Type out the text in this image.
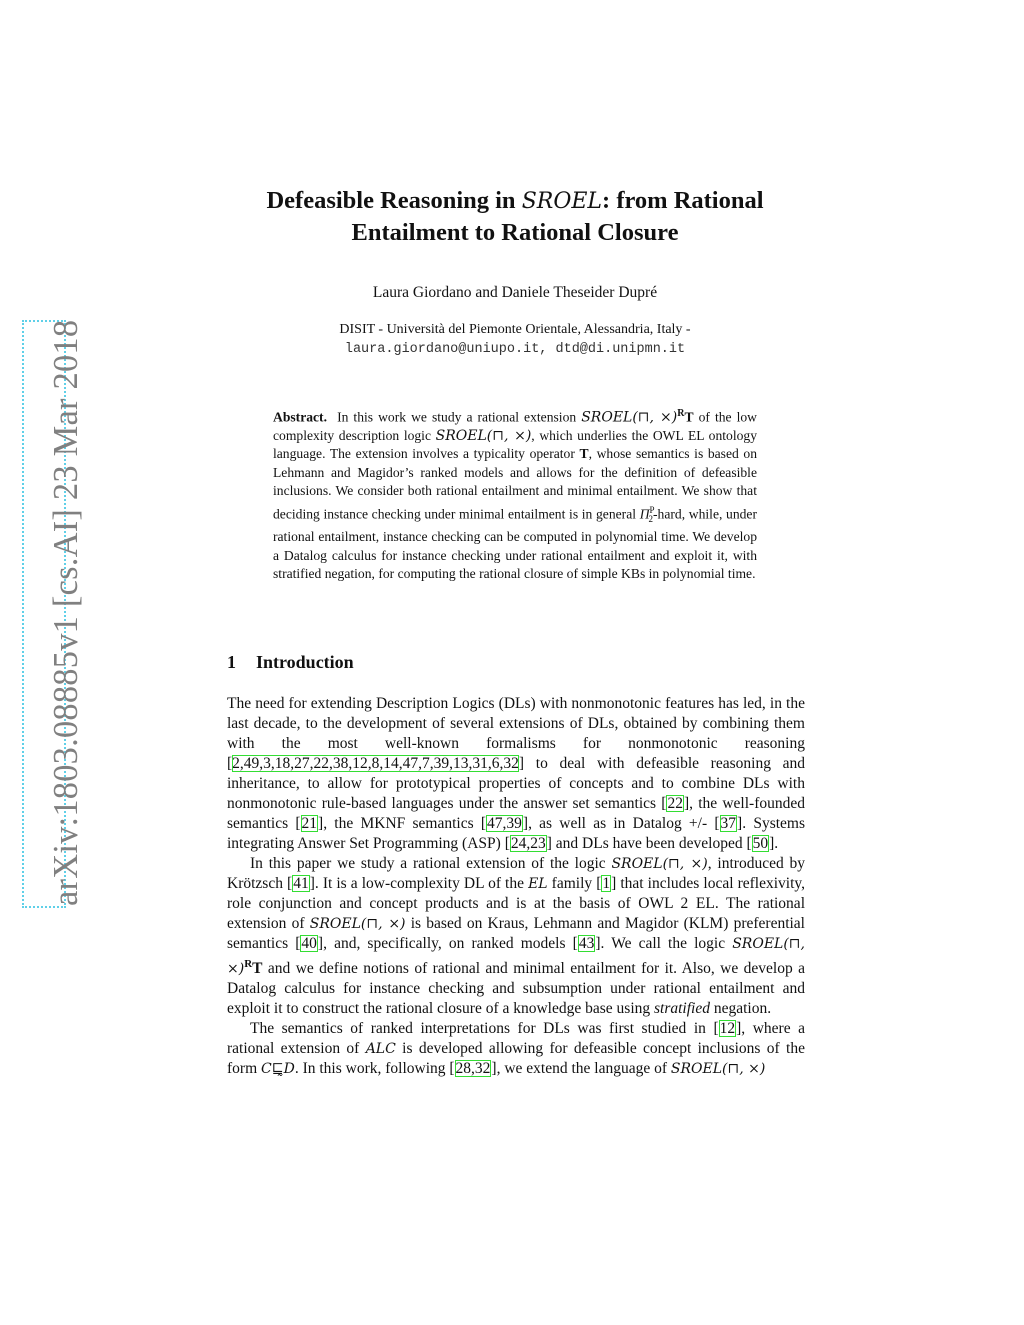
arXiv:1803.08885v1 [cs.AI] 23 Mar 2018
Defeasible Reasoning in SROEL: from Rational
Entailment to Rational Closure
Laura Giordano and Daniele Theseider Dupré
DISIT - Università del Piemonte Orientale, Alessandria, Italy -
laura.giordano@uniupo.it, dtd@di.unipmn.it
Abstract. In this work we study a rational extension SROEL(⊓, ×)$^R$T of the low complexity description logic SROEL(⊓, ×), which underlies the OWL EL ontology language. The extension involves a typicality operator T, whose semantics is based on Lehmann and Magidor’s ranked models and allows for the definition of defeasible inclusions. We consider both rational entailment and minimal entailment. We show that deciding instance checking under minimal entailment is in general $\Pi^P_2$-hard, while, under rational entailment, instance checking can be computed in polynomial time. We develop a Datalog calculus for instance checking under rational entailment and exploit it, with stratified negation, for computing the rational closure of simple KBs in polynomial time.
1 Introduction

The need for extending Description Logics (DLs) with nonmonotonic features has led, in the last decade, to the development of several extensions of DLs, obtained by combining them with the most well-known formalisms for nonmonotonic reasoning [2,49,3,18,27,22,38,12,8,14,47,7,39,13,31,6,32] to deal with defeasible reasoning and inheritance, to allow for prototypical properties of concepts and to combine DLs with nonmonotonic rule-based languages under the answer set semantics [22], the well-founded semantics [21], the MKNF semantics [47,39], as well as in Datalog +/- [37]. Systems integrating Answer Set Programming (ASP) [24,23] and DLs have been developed [50].

In this paper we study a rational extension of the logic SROEL(⊓, ×), introduced by Krötzsch [41]. It is a low-complexity DL of the EL family [1] that includes local reflexivity, role conjunction and concept products and is at the basis of OWL 2 EL. The rational extension of SROEL(⊓, ×) is based on Kraus, Lehmann and Magidor (KLM) preferential semantics [40], and, specifically, on ranked models [43]. We call the logic SROEL(⊓, ×)$^R$T and we define notions of rational and minimal entailment for it. Also, we develop a Datalog calculus for instance checking and subsumption under rational entailment and exploit it to construct the rational closure of a knowledge base using stratified negation.

The semantics of ranked interpretations for DLs was first studied in [12], where a rational extension of ALC is developed allowing for defeasible concept inclusions of the form C⊑̰D. In this work, following [28,32], we extend the language of SROEL(⊓, ×)
